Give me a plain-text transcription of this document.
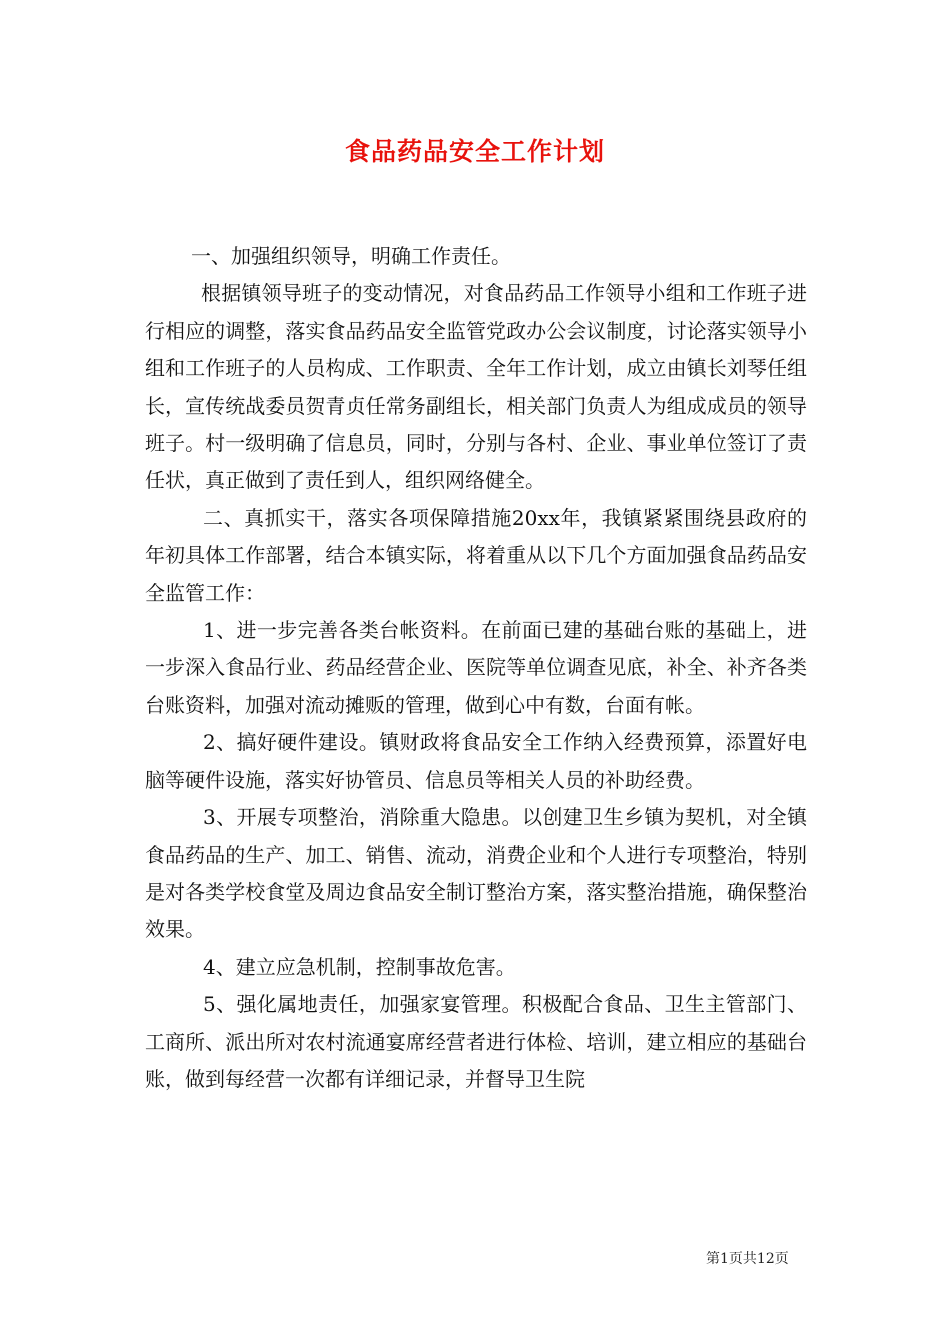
食品药品安全工作计划

一、加强组织领导，明确工作责任。

根据镇领导班子的变动情况，对食品药品工作领导小组和工作班子进行相应的调整，落实食品药品安全监管党政办公会议制度，讨论落实领导小组和工作班子的人员构成、工作职责、全年工作计划，成立由镇长刘琴任组长，宣传统战委员贺青贞任常务副组长，相关部门负责人为组成成员的领导班子。村一级明确了信息员，同时，分别与各村、企业、事业单位签订了责任状，真正做到了责任到人，组织网络健全。

二、真抓实干，落实各项保障措施20xx年，我镇紧紧围绕县政府的年初具体工作部署，结合本镇实际，将着重从以下几个方面加强食品药品安全监管工作：

1、进一步完善各类台帐资料。在前面已建的基础台账的基础上，进一步深入食品行业、药品经营企业、医院等单位调查见底，补全、补齐各类台账资料，加强对流动摊贩的管理，做到心中有数，台面有帐。

2、搞好硬件建设。镇财政将食品安全工作纳入经费预算，添置好电脑等硬件设施，落实好协管员、信息员等相关人员的补助经费。

3、开展专项整治，消除重大隐患。以创建卫生乡镇为契机，对全镇食品药品的生产、加工、销售、流动，消费企业和个人进行专项整治，特别是对各类学校食堂及周边食品安全制订整治方案，落实整治措施，确保整治效果。

4、建立应急机制，控制事故危害。

5、强化属地责任，加强家宴管理。积极配合食品、卫生主管部门、工商所、派出所对农村流通宴席经营者进行体检、培训，建立相应的基础台账，做到每经营一次都有详细记录，并督导卫生院

第1页共12页
